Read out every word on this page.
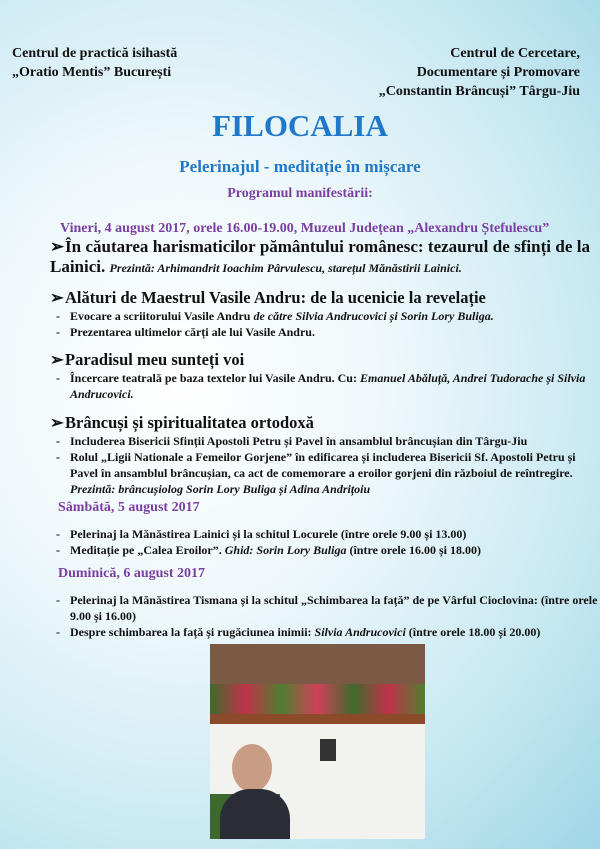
Centrul de practică isihastă
„Oratio Mentis” București
Centrul de Cercetare,
Documentare și Promovare
„Constantin Brâncuși” Târgu-Jiu
FILOCALIA
Pelerinajul - meditație în mișcare
Programul manifestării:
Vineri, 4 august 2017, orele 16.00-19.00, Muzeul Județean „Alexandru Ștefulescu”
➢În căutarea harismaticilor pământului românesc: tezaurul de sfinți de la Lainici. Prezintă: Arhimandrit Ioachim Pârvulescu, starețul Mănăstirii Lainici.
➢Alături de Maestrul Vasile Andru: de la ucenicie la revelație
- Evocare a scriitorului Vasile Andru de către Silvia Andrucovici și Sorin Lory Buliga.
- Prezentarea ultimelor cărți ale lui Vasile Andru.
➢Paradisul meu sunteți voi
- Încercare teatrală pe baza textelor lui Vasile Andru. Cu: Emanuel Abăluță, Andrei Tudorache și Silvia Andrucovici.
➢Brâncuși și spiritualitatea ortodoxă
- Includerea Bisericii Sfinții Apostoli Petru și Pavel în ansamblul brâncușian din Târgu-Jiu
- Rolul „Ligii Nationale a Femeilor Gorjene” în edificarea și includerea Bisericii Sf. Apostoli Petru și Pavel în ansamblul brâncușian, ca act de comemorare a eroilor gorjeni din războiul de reîntregire. Prezintă: brâncușiolog Sorin Lory Buliga și Adina Andrițoiu
Sâmbătă, 5 august 2017
- Pelerinaj la Mănăstirea Lainici și la schitul Locurele (între orele 9.00 și 13.00)
- Meditație pe „Calea Eroilor”. Ghid: Sorin Lory Buliga (între orele 16.00 și 18.00)
Duminică, 6 august 2017
- Pelerinaj la Mănăstirea Tismana și la schitul „Schimbarea la față” de pe Vârful Cioclovina: (între orele 9.00 și 16.00)
- Despre schimbarea la față și rugăciunea inimii: Silvia Andrucovici (între orele 18.00 și 20.00)
